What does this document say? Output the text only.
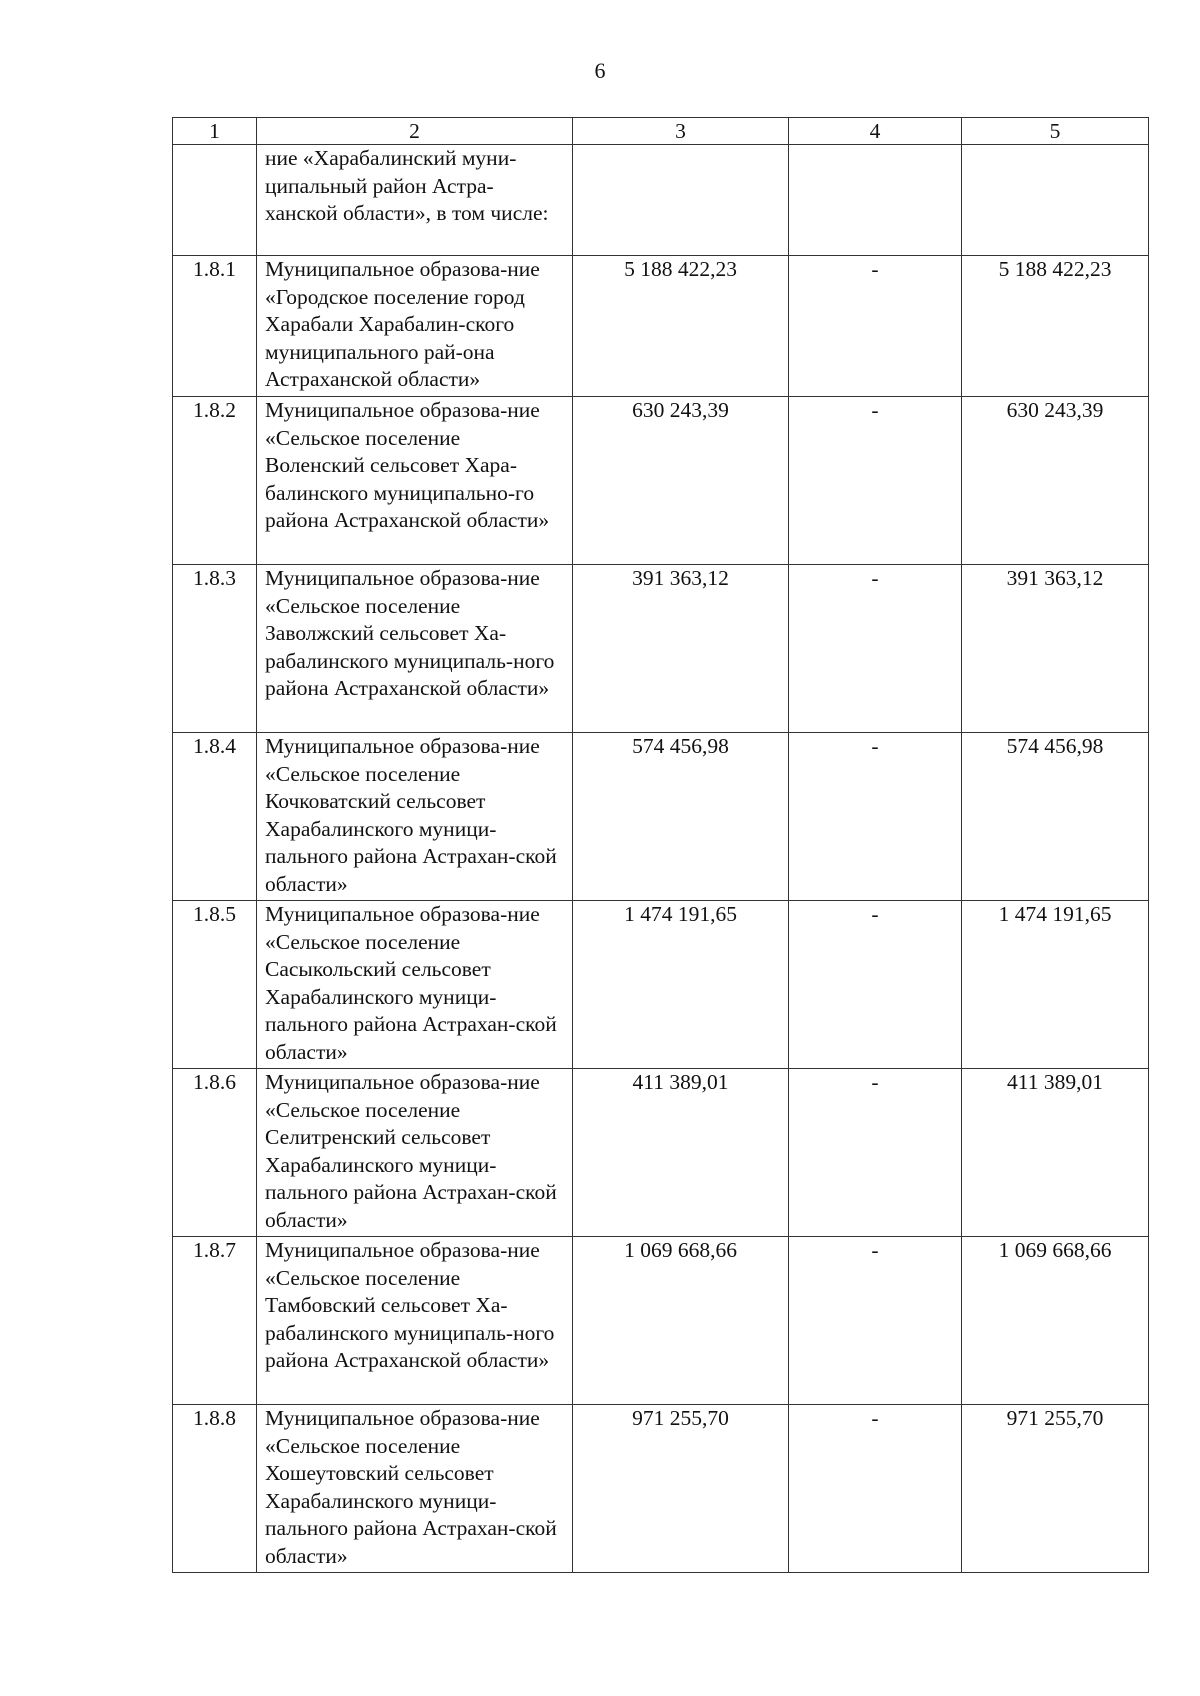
6
1	2	3	4	5
	ние «Харабалинский муни-ципальный район Астра-ханской области», в том числе:			
1.8.1	Муниципальное образова-ние «Городское поселение город Харабали Харабалин-ского муниципального рай-она Астраханской области»	5 188 422,23	-	5 188 422,23
1.8.2	Муниципальное образова-ние «Сельское поселение Воленский сельсовет Хара-балинского муниципально-го района Астраханской области»	630 243,39	-	630 243,39
1.8.3	Муниципальное образова-ние «Сельское поселение Заволжский сельсовет Ха-рабалинского муниципаль-ного района Астраханской области»	391 363,12	-	391 363,12
1.8.4	Муниципальное образова-ние «Сельское поселение Кочковатский сельсовет Харабалинского муници-пального района Астрахан-ской области»	574 456,98	-	574 456,98
1.8.5	Муниципальное образова-ние «Сельское поселение Сасыкольский сельсовет Харабалинского муници-пального района Астрахан-ской области»	1 474 191,65	-	1 474 191,65
1.8.6	Муниципальное образова-ние «Сельское поселение Селитренский сельсовет Харабалинского муници-пального района Астрахан-ской области»	411 389,01	-	411 389,01
1.8.7	Муниципальное образова-ние «Сельское поселение Тамбовский сельсовет Ха-рабалинского муниципаль-ного района Астраханской области»	1 069 668,66	-	1 069 668,66
1.8.8	Муниципальное образова-ние «Сельское поселение Хошеутовский сельсовет Харабалинского муници-пального района Астрахан-ской области»	971 255,70	-	971 255,70
